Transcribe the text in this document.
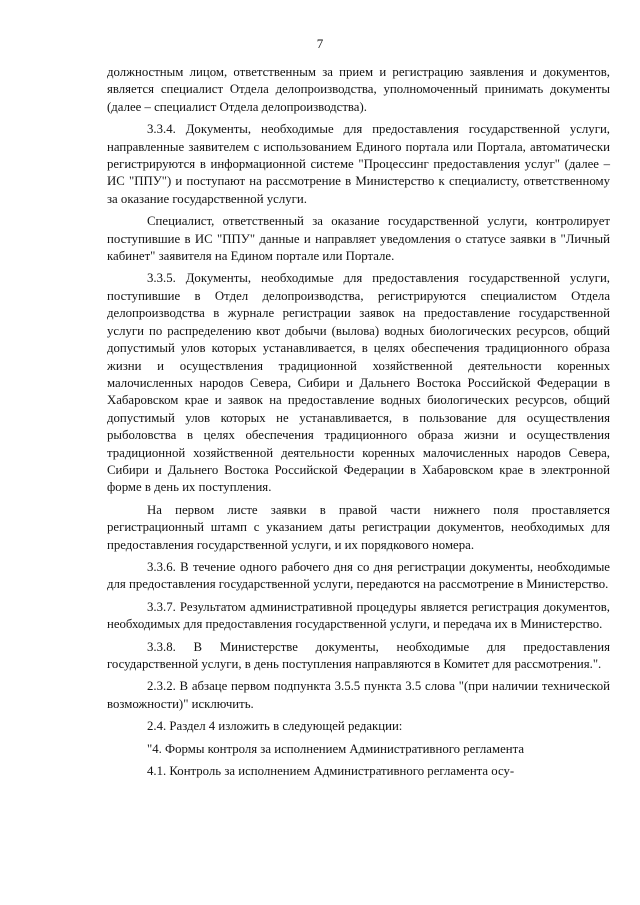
7

должностным лицом, ответственным за прием и регистрацию заявления и документов, является специалист Отдела делопроизводства, уполномоченный принимать документы (далее – специалист Отдела делопроизводства).

3.3.4. Документы, необходимые для предоставления государственной услуги, направленные заявителем с использованием Единого портала или Портала, автоматически регистрируются в информационной системе "Процессинг предоставления услуг" (далее – ИС "ППУ") и поступают на рассмотрение в Министерство к специалисту, ответственному за оказание государственной услуги.

Специалист, ответственный за оказание государственной услуги, контролирует поступившие в ИС "ППУ" данные и направляет уведомления о статусе заявки в "Личный кабинет" заявителя на Едином портале или Портале.

3.3.5. Документы, необходимые для предоставления государственной услуги, поступившие в Отдел делопроизводства, регистрируются специалистом Отдела делопроизводства в журнале регистрации заявок на предоставление государственной услуги по распределению квот добычи (вылова) водных биологических ресурсов, общий допустимый улов которых устанавливается, в целях обеспечения традиционного образа жизни и осуществления традиционной хозяйственной деятельности коренных малочисленных народов Севера, Сибири и Дальнего Востока Российской Федерации в Хабаровском крае и заявок на предоставление водных биологических ресурсов, общий допустимый улов которых не устанавливается, в пользование для осуществления рыболовства в целях обеспечения традиционного образа жизни и осуществления традиционной хозяйственной деятельности коренных малочисленных народов Севера, Сибири и Дальнего Востока Российской Федерации в Хабаровском крае в электронной форме в день их поступления.

На первом листе заявки в правой части нижнего поля проставляется регистрационный штамп с указанием даты регистрации документов, необходимых для предоставления государственной услуги, и их порядкового номера.

3.3.6. В течение одного рабочего дня со дня регистрации документы, необходимые для предоставления государственной услуги, передаются на рассмотрение в Министерство.

3.3.7. Результатом административной процедуры является регистрация документов, необходимых для предоставления государственной услуги, и передача их в Министерство.

3.3.8. В Министерстве документы, необходимые для предоставления государственной услуги, в день поступления направляются в Комитет для рассмотрения.".

2.3.2. В абзаце первом подпункта 3.5.5 пункта 3.5 слова "(при наличии технической возможности)" исключить.

2.4. Раздел 4 изложить в следующей редакции:

"4. Формы контроля за исполнением Административного регламента

4.1. Контроль за исполнением Административного регламента осу-
